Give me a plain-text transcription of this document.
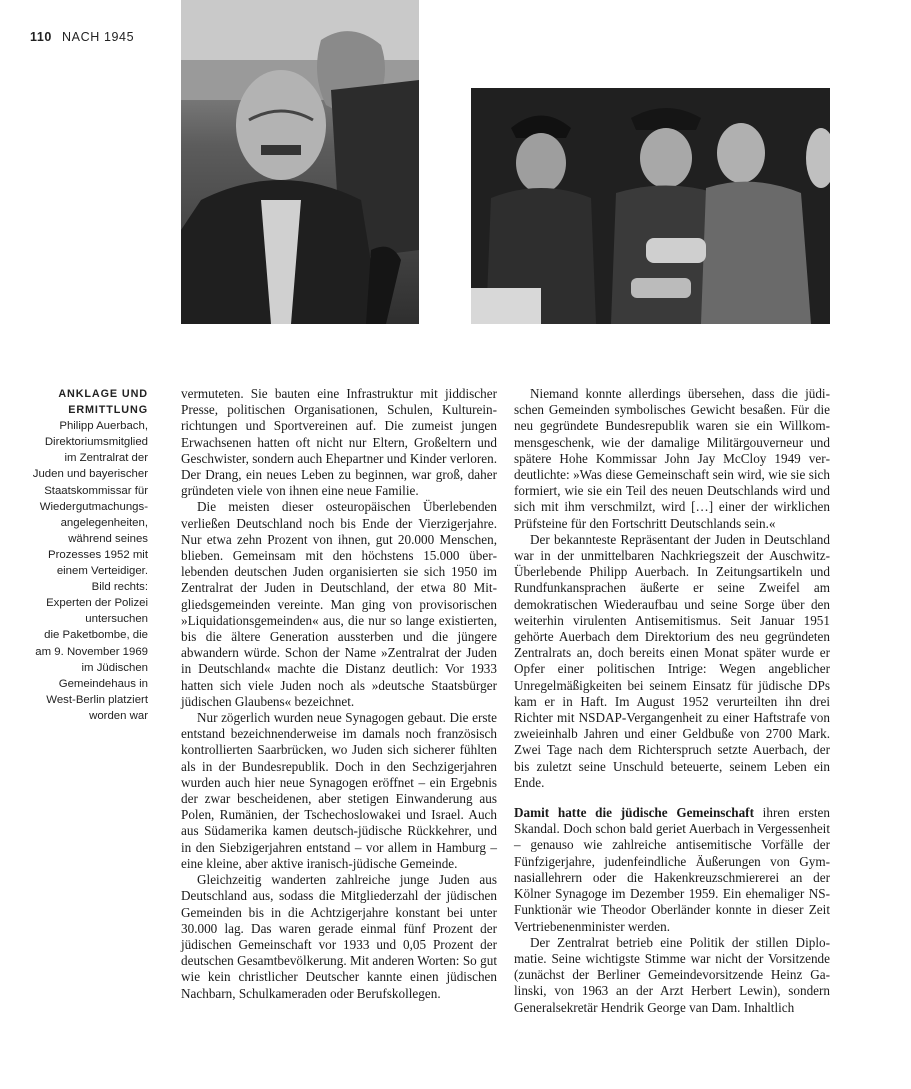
110 NACH 1945
ANKLAGE UND
ERMITTLUNG
Philipp Auerbach,
Direktoriumsmitglied
im Zentralrat der
Juden und bayerischer
Staatskommissar für
Wiedergutmachungs-
angelegenheiten,
während seines
Prozesses 1952 mit
einem Verteidiger.
Bild rechts:
Experten der Polizei
untersuchen
die Paketbombe, die
am 9. November 1969
im Jüdischen
Gemeindehaus in
West-Berlin platziert
worden war

vermuteten. Sie bauten eine Infrastruktur mit jiddischer Presse, politischen Organisationen, Schulen, Kultureinrichtungen und Sportvereinen auf. Die zumeist jungen Erwachsenen hatten oft nicht nur Eltern, Großeltern und Geschwister, sondern auch Ehepartner und Kinder verloren. Der Drang, ein neues Leben zu beginnen, war groß, daher gründeten viele von ihnen eine neue Familie.

Die meisten dieser osteuropäischen Überlebenden verließen Deutschland noch bis Ende der Vierzigerjahre. Nur etwa zehn Prozent von ihnen, gut 20.000 Menschen, blieben. Gemeinsam mit den höchstens 15.000 überlebenden deutschen Juden organisierten sie sich 1950 im Zentralrat der Juden in Deutschland, der etwa 80 Mitgliedsgemeinden vereinte. Man ging von provisorischen »Liquidationsgemeinden« aus, die nur so lange existierten, bis die ältere Generation aussterben und die jüngere abwandern würde. Schon der Name »Zentralrat der Juden in Deutschland« machte die Distanz deutlich: Vor 1933 hatten sich viele Juden noch als »deutsche Staatsbürger jüdischen Glaubens« bezeichnet.

Nur zögerlich wurden neue Synagogen gebaut. Die erste entstand bezeichnenderweise im damals noch französisch kontrollierten Saarbrücken, wo Juden sich sicherer fühlten als in der Bundesrepublik. Doch in den Sechzigerjahren wurden auch hier neue Synagogen eröffnet – ein Ergebnis der zwar bescheidenen, aber stetigen Einwanderung aus Polen, Rumänien, der Tschechoslowakei und Israel. Auch aus Südamerika kamen deutsch-jüdische Rückkehrer, und in den Siebzigerjahren entstand – vor allem in Hamburg – eine kleine, aber aktive iranisch-jüdische Gemeinde.

Gleichzeitig wanderten zahlreiche junge Juden aus Deutschland aus, sodass die Mitgliederzahl der jüdischen Gemeinden bis in die Achtzigerjahre konstant bei unter 30.000 lag. Das waren gerade einmal fünf Prozent der jüdischen Gemeinschaft vor 1933 und 0,05 Prozent der deutschen Gesamtbevölkerung. Mit anderen Worten: So gut wie kein christlicher Deutscher kannte einen jüdischen Nachbarn, Schulkameraden oder Berufskollegen.

Niemand konnte allerdings übersehen, dass die jüdischen Gemeinden symbolisches Gewicht besaßen. Für die neu gegründete Bundesrepublik waren sie ein Willkommensgeschenk, wie der damalige Militärgouverneur und spätere Hohe Kommissar John Jay McCloy 1949 verdeutlichte: »Was diese Gemeinschaft sein wird, wie sie sich formiert, wie sie ein Teil des neuen Deutschlands wird und sich mit ihm verschmilzt, wird […] einer der wirklichen Prüfsteine für den Fortschritt Deutschlands sein.«

Der bekannteste Repräsentant der Juden in Deutschland war in der unmittelbaren Nachkriegszeit der Auschwitz-Überlebende Philipp Auerbach. In Zeitungsartikeln und Rundfunkansprachen äußerte er seine Zweifel am demokratischen Wiederaufbau und seine Sorge über den weiterhin virulenten Antisemitismus. Seit Januar 1951 gehörte Auerbach dem Direktorium des neu gegründeten Zentralrats an, doch bereits einen Monat später wurde er Opfer einer politischen Intrige: Wegen angeblicher Unregelmäßigkeiten bei seinem Einsatz für jüdische DPs kam er in Haft. Im August 1952 verurteilten ihn drei Richter mit NSDAP-Vergangenheit zu einer Haftstrafe von zweieinhalb Jahren und einer Geldbuße von 2700 Mark. Zwei Tage nach dem Richterspruch setzte Auerbach, der bis zuletzt seine Unschuld beteuerte, seinem Leben ein Ende.

Damit hatte die jüdische Gemeinschaft ihren ersten Skandal. Doch schon bald geriet Auerbach in Vergessenheit – genauso wie zahlreiche antisemitische Vorfälle der Fünfzigerjahre, judenfeindliche Äußerungen von Gymnasiallehrern oder die Hakenkreuzschmiererei an der Kölner Synagoge im Dezember 1959. Ein ehemaliger NS-Funktionär wie Theodor Oberländer konnte in dieser Zeit Vertriebenenminister werden.

Der Zentralrat betrieb eine Politik der stillen Diplomatie. Seine wichtigste Stimme war nicht der Vorsitzende (zunächst der Berliner Gemeindevorsitzende Heinz Galinski, von 1963 an der Arzt Herbert Lewin), sondern Generalsekretär Hendrik George van Dam. Inhaltlich
